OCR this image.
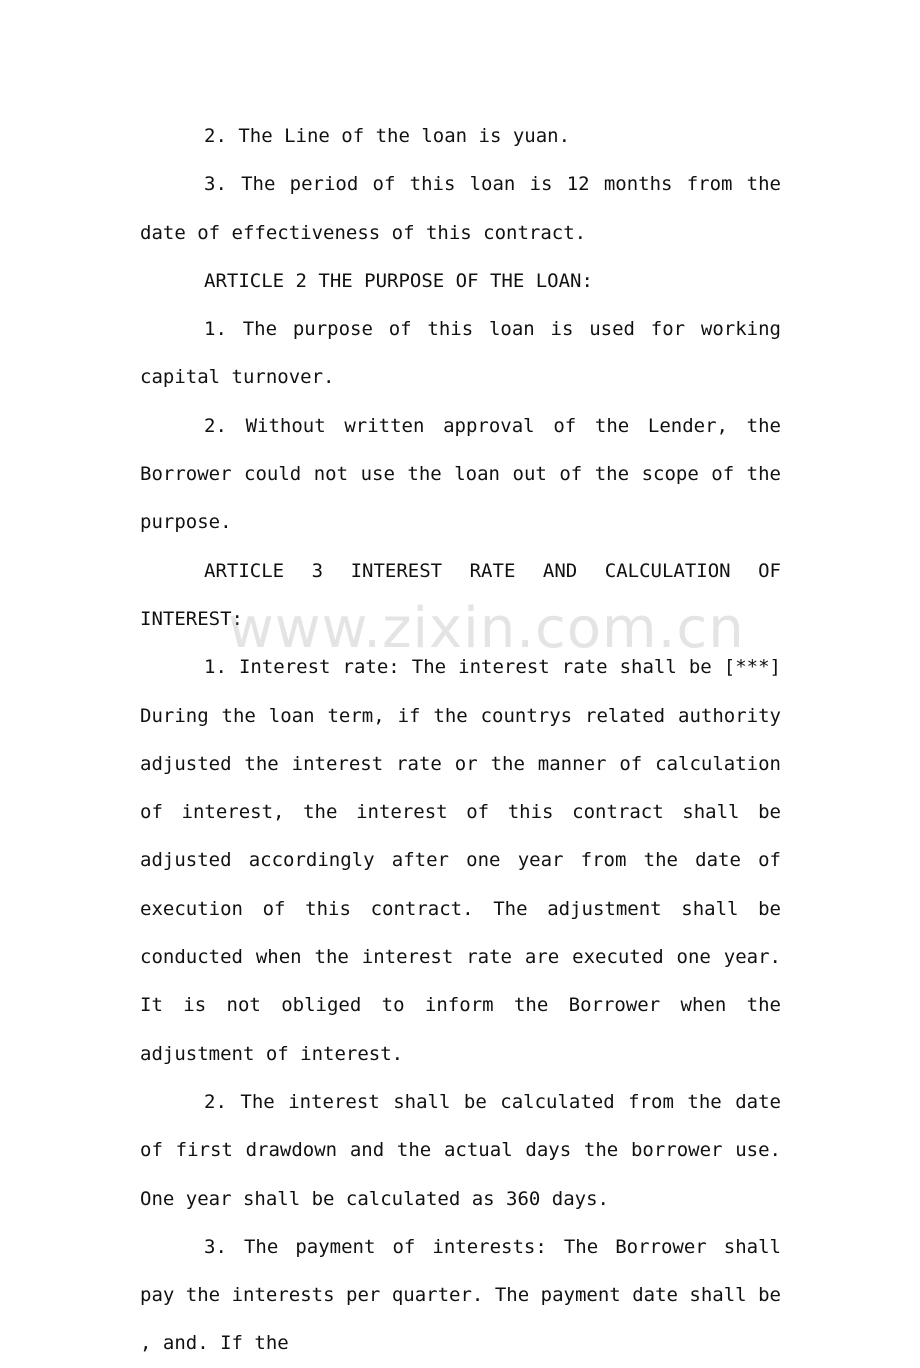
2. The Line of the loan is yuan.

3. The period of this loan is 12 months from the date of effectiveness of this contract.

ARTICLE 2 THE PURPOSE OF THE LOAN:

1. The purpose of this loan is used for working capital turnover.

2. Without written approval of the Lender, the Borrower could not use the loan out of the scope of the purpose.

ARTICLE 3 INTEREST RATE AND CALCULATION OF INTEREST:

1. Interest rate: The interest rate shall be [***] During the loan term, if the countrys related authority adjusted the interest rate or the manner of calculation of interest, the interest of this contract shall be adjusted accordingly after one year from the date of execution of this contract. The adjustment shall be conducted when the interest rate are executed one year. It is not obliged to inform the Borrower when the adjustment of interest.

2. The interest shall be calculated from the date of first drawdown and the actual days the borrower use. One year shall be calculated as 360 days.

3. The payment of interests: The Borrower shall pay the interests per quarter. The payment date shall be , and. If the

www.zixin.com.cn
